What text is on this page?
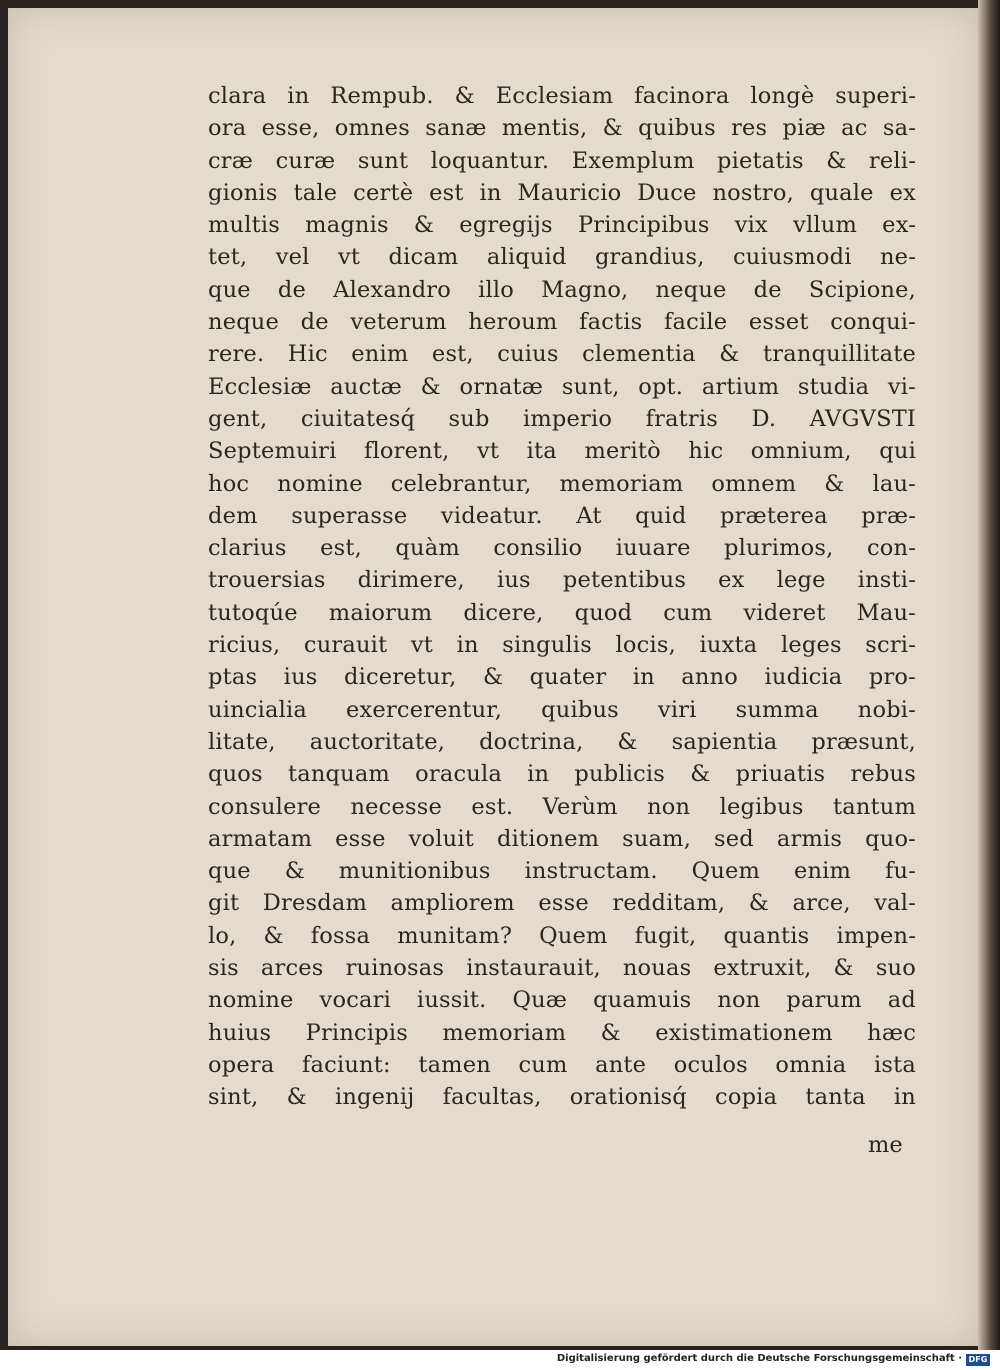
clara in Rempub. & Ecclesiam facinora longè superi-
ora esse, omnes sanæ mentis, & quibus res piæ ac sa-
cræ curæ sunt loquantur. Exemplum pietatis & reli-
gionis tale certè est in Mauricio Duce nostro, quale ex
multis magnis & egregijs Principibus vix vllum ex-
tet, vel vt dicam aliquid grandius, cuiusmodi ne-
que de Alexandro illo Magno, neque de Scipione,
neque de veterum heroum factis facile esset conqui-
rere. Hic enim est, cuius clementia & tranquillitate
Ecclesiæ auctæ & ornatæ sunt, opt. artium studia vi-
gent, ciuitatesq́ sub imperio fratris D. AVGVSTI
Septemuiri florent, vt ita meritò hic omnium, qui
hoc nomine celebrantur, memoriam omnem & lau-
dem superasse videatur. At quid præterea præ-
clarius est, quàm consilio iuuare plurimos, con-
trouersias dirimere, ius petentibus ex lege insti-
tutoqúe maiorum dicere, quod cum videret Mau-
ricius, curauit vt in singulis locis, iuxta leges scri-
ptas ius diceretur, & quater in anno iudicia pro-
uincialia exercerentur, quibus viri summa nobi-
litate, auctoritate, doctrina, & sapientia præsunt,
quos tanquam oracula in publicis & priuatis rebus
consulere necesse est. Verùm non legibus tantum
armatam esse voluit ditionem suam, sed armis quo-
que & munitionibus instructam. Quem enim fu-
git Dresdam ampliorem esse redditam, & arce, val-
lo, & fossa munitam? Quem fugit, quantis impen-
sis arces ruinosas instaurauit, nouas extruxit, & suo
nomine vocari iussit. Quæ quamuis non parum ad
huius Principis memoriam & existimationem hæc
opera faciunt: tamen cum ante oculos omnia ista
sint, & ingenij facultas, orationisq́ copia tanta in
me
Digitalisierung gefördert durch die Deutsche Forschungsgemeinschaft · DFG
